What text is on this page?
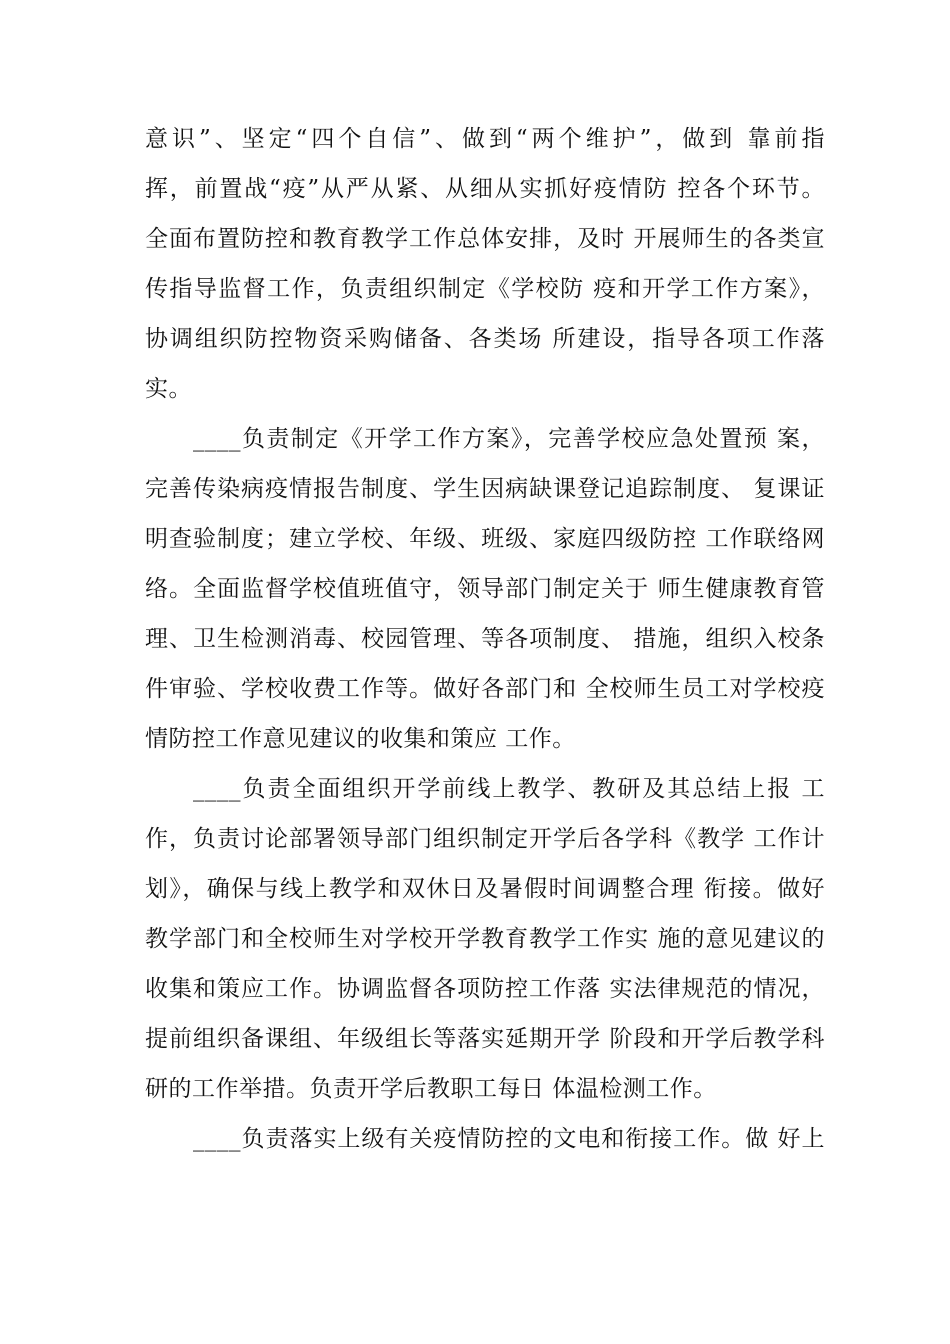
意识”、坚定“四个自信”、做到“两个维护”，做到 靠前指
挥，前置战“疫”从严从紧、从细从实抓好疫情防 控各个环节。
全面布置防控和教育教学工作总体安排，及时 开展师生的各类宣
传指导监督工作，负责组织制定《学校防 疫和开学工作方案》，
协调组织防控物资采购储备、各类场 所建设，指导各项工作落
实。
____负责制定《开学工作方案》，完善学校应急处置预 案，
完善传染病疫情报告制度、学生因病缺课登记追踪制度、 复课证
明查验制度；建立学校、年级、班级、家庭四级防控 工作联络网
络。全面监督学校值班值守，领导部门制定关于 师生健康教育管
理、卫生检测消毒、校园管理、等各项制度、 措施，组织入校条
件审验、学校收费工作等。做好各部门和 全校师生员工对学校疫
情防控工作意见建议的收集和策应 工作。
____负责全面组织开学前线上教学、教研及其总结上报 工
作，负责讨论部署领导部门组织制定开学后各学科《教学 工作计
划》，确保与线上教学和双休日及暑假时间调整合理 衔接。做好
教学部门和全校师生对学校开学教育教学工作实 施的意见建议的
收集和策应工作。协调监督各项防控工作落 实法律规范的情况，
提前组织备课组、年级组长等落实延期开学 阶段和开学后教学科
研的工作举措。负责开学后教职工每日 体温检测工作。
____负责落实上级有关疫情防控的文电和衔接工作。做 好上
